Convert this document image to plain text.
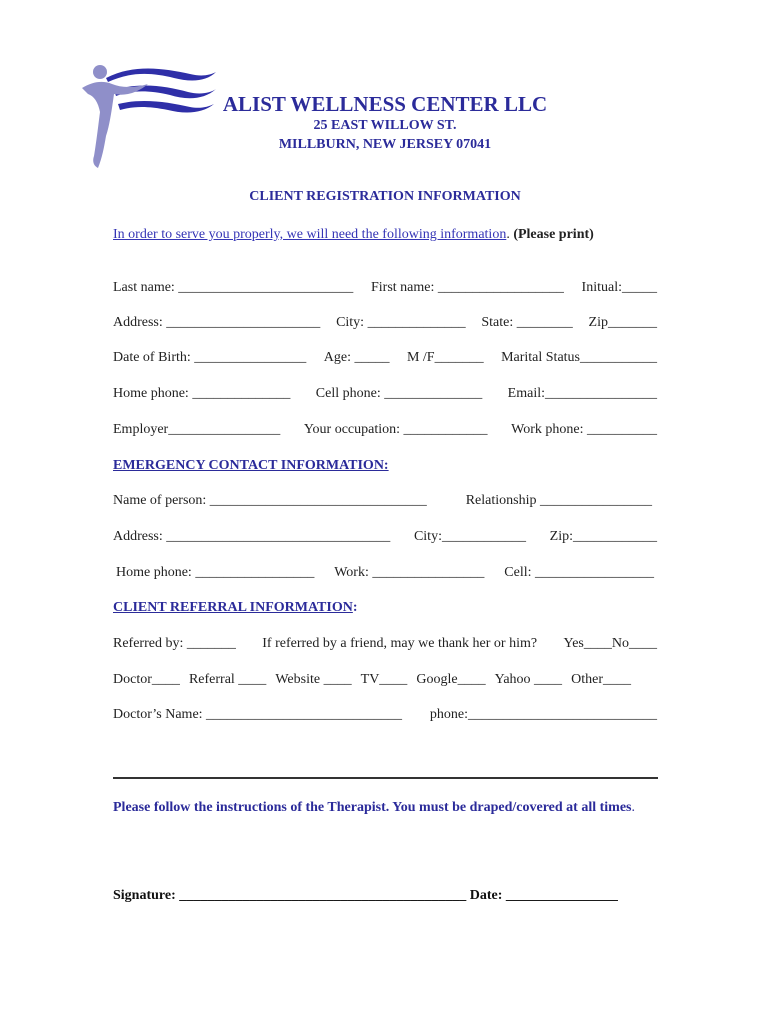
ALIST WELLNESS CENTER LLC
25 EAST WILLOW ST.
MILLBURN, NEW JERSEY 07041
CLIENT REGISTRATION INFORMATION
In order to serve you properly, we will need the following information. (Please print)
Last name: _________________________ First name: __________________ Initual:_____
Address: ______________________ City: ______________ State: ________ Zip_______
Date of Birth: ________________ Age: _____ M /F_______ Marital Status___________
Home phone: ______________ Cell phone: ______________ Email:________________
Employer________________ Your occupation: ____________ Work phone: __________
EMERGENCY CONTACT INFORMATION:
Name of person: _______________________________	Relationship ________________
Address: ________________________________ City:____________ Zip:____________
Home phone: _________________ Work: ________________ Cell: _________________
CLIENT REFERRAL INFORMATION:
Referred by: _______ If referred by a friend, may we thank her or him? Yes____No____
Doctor____ Referral ____ Website ____ TV____ Google____ Yahoo ____ Other____
Doctor’s Name: ____________________________ phone:___________________________
Please follow the instructions of the Therapist. You must be draped/covered at all times.
Signature: _________________________________________ Date: ________________
